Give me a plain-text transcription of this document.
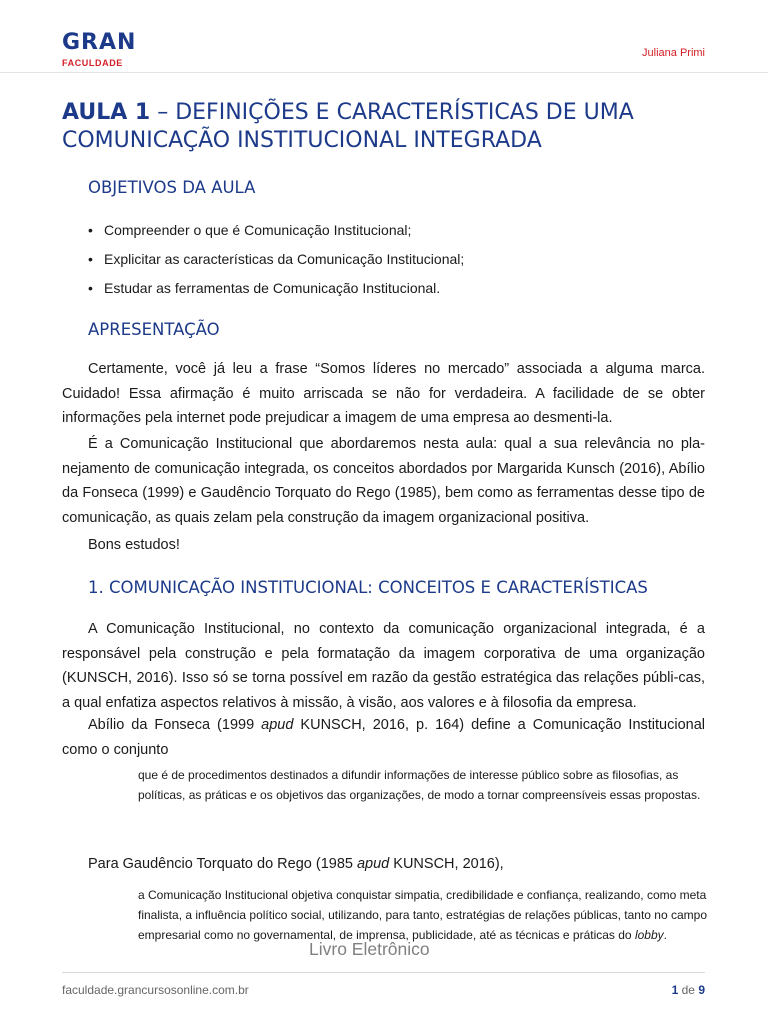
GRAN
FACULDADE
Juliana Primi
AULA 1 – DEFINIÇÕES E CARACTERÍSTICAS DE UMA COMUNICAÇÃO INSTITUCIONAL INTEGRADA
OBJETIVOS DA AULA
• Compreender o que é Comunicação Institucional;
• Explicitar as características da Comunicação Institucional;
• Estudar as ferramentas de Comunicação Institucional.
APRESENTAÇÃO

Certamente, você já leu a frase “Somos líderes no mercado” associada a alguma marca. Cuidado! Essa afirmação é muito arriscada se não for verdadeira. A facilidade de se obter informações pela internet pode prejudicar a imagem de uma empresa ao desmenti-la.

É a Comunicação Institucional que abordaremos nesta aula: qual a sua relevância no pla-nejamento de comunicação integrada, os conceitos abordados por Margarida Kunsch (2016), Abílio da Fonseca (1999) e Gaudêncio Torquato do Rego (1985), bem como as ferramentas desse tipo de comunicação, as quais zelam pela construção da imagem organizacional positiva.

Bons estudos!

1. COMUNICAÇÃO INSTITUCIONAL: CONCEITOS E CARACTERÍSTICAS

A Comunicação Institucional, no contexto da comunicação organizacional integrada, é a responsável pela construção e pela formatação da imagem corporativa de uma organização (KUNSCH, 2016). Isso só se torna possível em razão da gestão estratégica das relações públi-cas, a qual enfatiza aspectos relativos à missão, à visão, aos valores e à filosofia da empresa.

Abílio da Fonseca (1999 apud KUNSCH, 2016, p. 164) define a Comunicação Institucional como o conjunto

que é de procedimentos destinados a difundir informações de interesse público sobre as filosofias, as políticas, as práticas e os objetivos das organizações, de modo a tornar compreensíveis essas propostas.

Para Gaudêncio Torquato do Rego (1985 apud KUNSCH, 2016),

a Comunicação Institucional objetiva conquistar simpatia, credibilidade e confiança, realizando, como meta finalista, a influência político social, utilizando, para tanto, estratégias de relações públicas, tanto no campo empresarial como no governamental, de imprensa, publicidade, até as técnicas e práticas do lobby.

Livro Eletrônico
faculdade.grancursosonline.com.br	1 de 9
